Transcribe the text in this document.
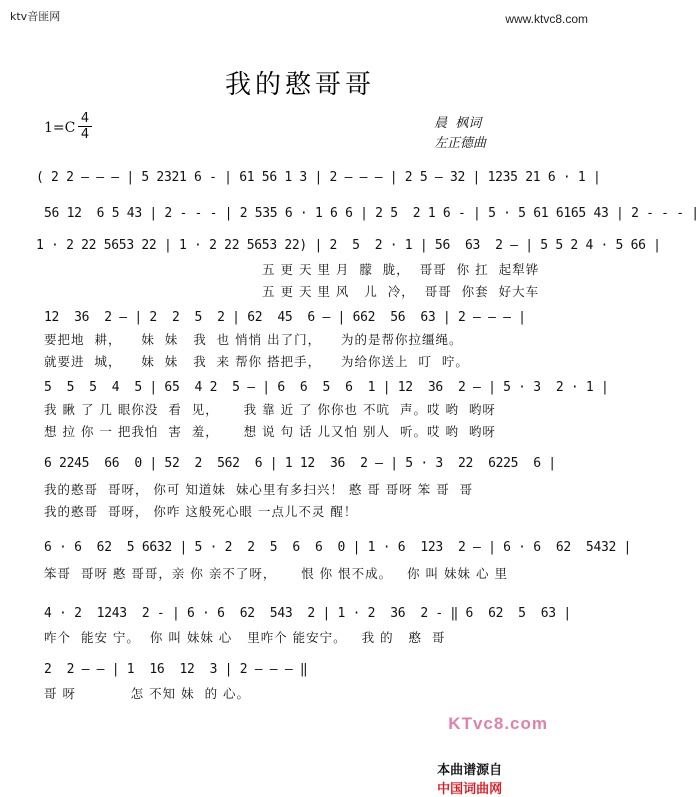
ktv音匪网	www.ktvc8.com
我的憨哥哥
1=C
4
4
晨  枫词
左正德曲
( 2 2 — — — | 5 2321 6 - | 61 56 1 3 | 2 — — — | 2 5 — 32 | 1235 21 6 · 1 |
56 12  6 5 43 | 2 - - - | 2 535 6 · 1 6 6 | 2 5  2 1 6 - | 5 · 5 61 6165 43 | 2 - - - |
1 · 2 22 5653 22 | 1 · 2 22 5653 22) | 2  5  2 · 1 | 56  63  2 — | 5 5 2 4 · 5 66 |
五 更 天 里 月  朦  胧，  哥哥  你 扛  起犁铧
五 更 天 里 风   儿  冷，  哥哥  你套  好大车
12  36  2 — | 2  2  5  2 | 62  45  6 — | 662  56  63 | 2 — — — |
要把地  耕，    妹  妹   我  也 悄悄 出了门，    为的是帮你拉缰绳。
就要进  城，    妹  妹   我  来 帮你 搭把手，    为给你送上  叮  咛。
5  5  5  4  5 | 65  4 2  5 — | 6  6  5  6  1 | 12  36  2 — | 5 · 3  2 · 1 |
我 瞅 了 几 眼你没  看  见，     我 靠 近 了 你你也 不吭  声。哎 哟  哟呀
想 拉 你 一 把我怕  害  羞，     想 说 句 话 儿又怕 别人  听。哎 哟  哟呀
6 2245  66  0 | 52  2  562  6 | 1 12  36  2 — | 5 · 3  22  6225  6 |
我的憨哥  哥呀， 你可 知道妹  妹心里有多扫兴！ 憨 哥 哥呀 笨 哥  哥
我的憨哥  哥呀， 你咋 这般死心眼 一点儿不灵 醒！
6 · 6  62  5 6632 | 5 · 2  2  5  6  6  0 | 1 · 6  123  2 — | 6 · 6  62  5432 |
笨哥  哥呀 憨 哥哥，亲 你 亲不了呀，     恨 你 恨不成。   你 叫 妹妹 心 里
4 · 2  1243  2 - | 6 · 6  62  543  2 | 1 · 2  36  2 - ‖ 6  62  5  63 |
咋个  能安 宁。  你 叫 妹妹 心   里咋个 能安宁。   我 的   憨  哥
2  2 — — | 1  16  12  3 | 2 — — — ‖
哥 呀           怎 不知 妹  的 心。
KTvc8.com

本曲谱源自
中国词曲网
